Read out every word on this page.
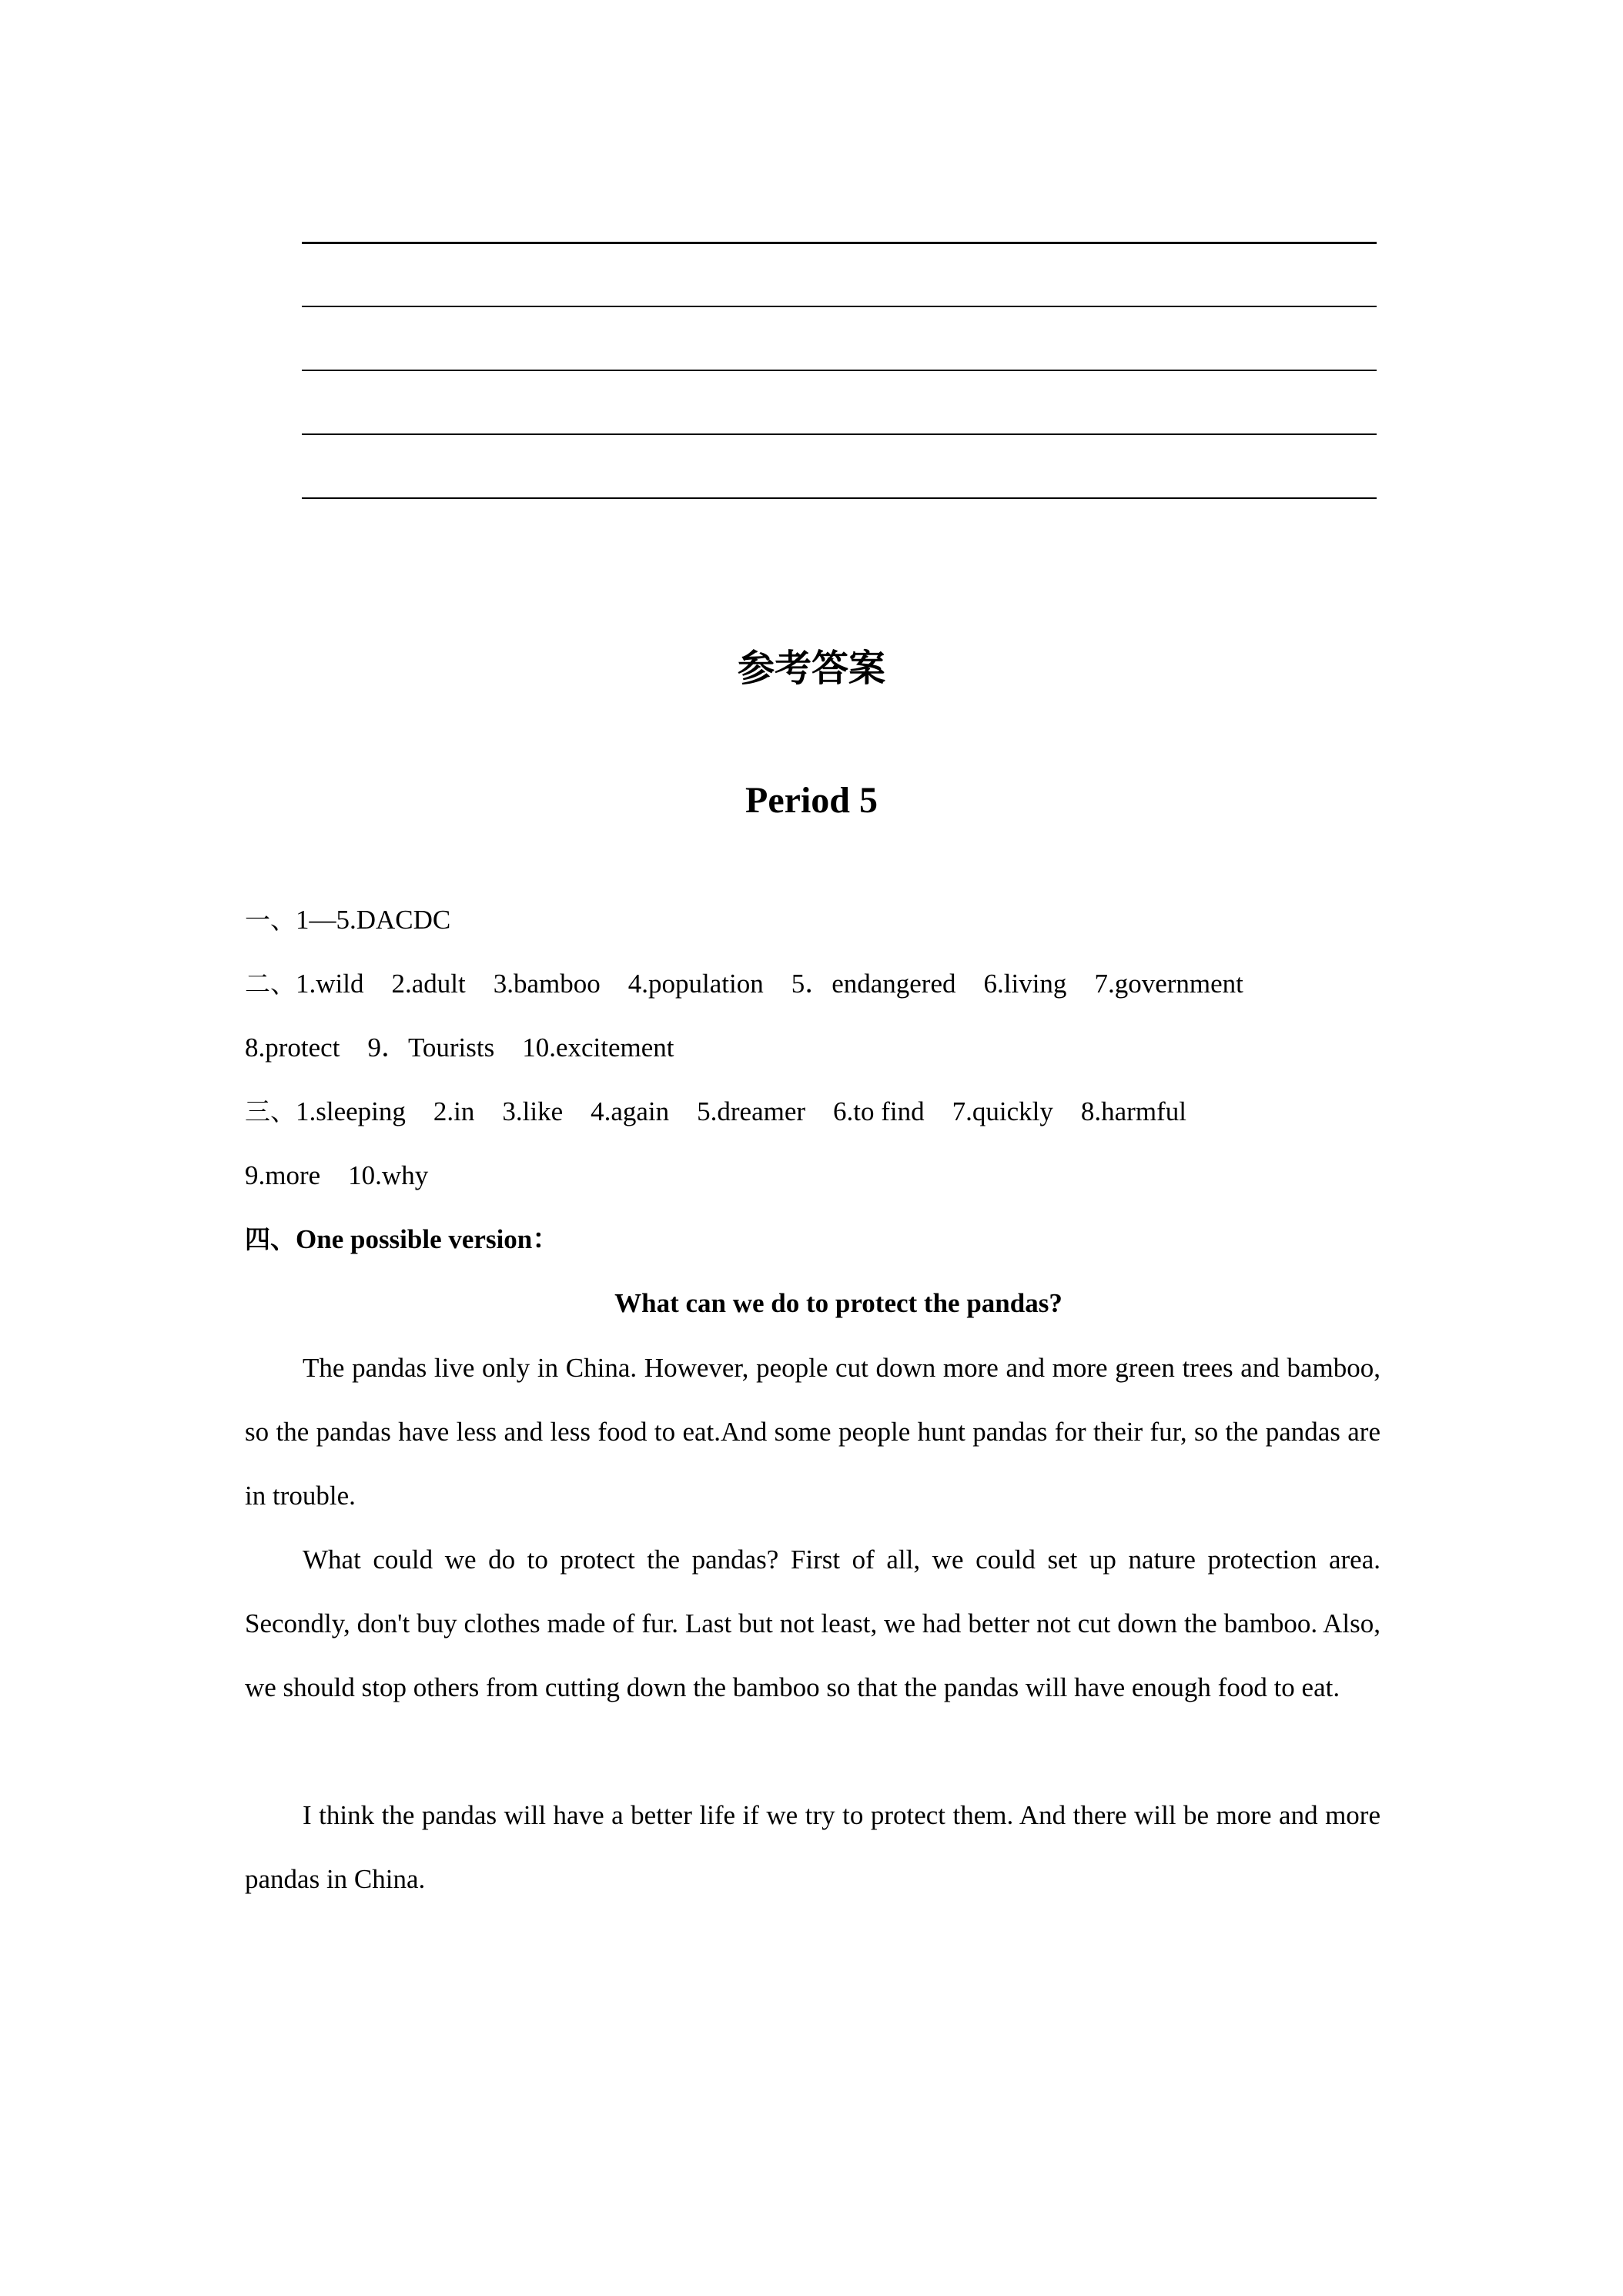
参考答案
Period 5
一、1—5.DACDC
二、1.wild 2.adult 3.bamboo 4.population 5．endangered 6.living 7.government
8.protect 9．Tourists 10.excitement
三、1.sleeping 2.in 3.like 4.again 5.dreamer 6.to find 7.quickly 8.harmful
9.more 10.why
四、One possible version：
What can we do to protect the pandas?

The pandas live only in China. However, people cut down more and more green trees and bamboo, so the pandas have less and less food to eat.And some people hunt pandas for their fur, so the pandas are in trouble.

What could we do to protect the pandas? First of all, we could set up nature protection area. Secondly, don't buy clothes made of fur. Last but not least, we had better not cut down the bamboo. Also, we should stop others from cutting down the bamboo so that the pandas will have enough food to eat.

I think the pandas will have a better life if we try to protect them. And there will be more and more pandas in China.
